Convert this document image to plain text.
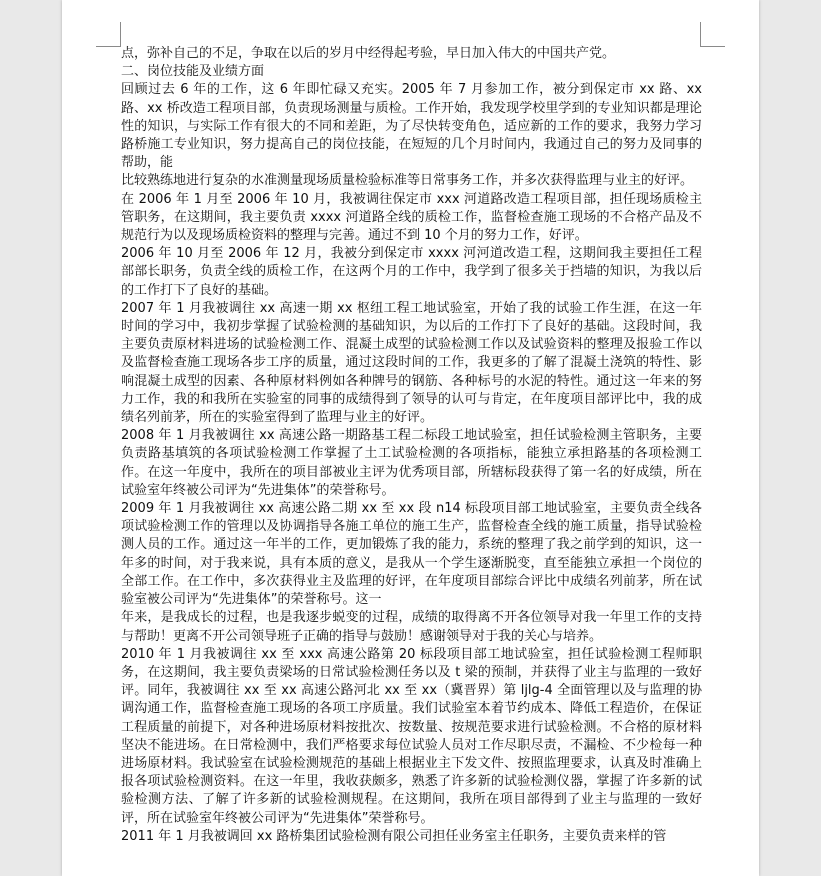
点，弥补自己的不足，争取在以后的岁月中经得起考验，早日加入伟大的中国共产党。

二、岗位技能及业绩方面

回顾过去 6 年的工作，这 6 年即忙碌又充实。2005 年 7 月参加工作，被分到保定市 xx 路、xx 路、xx 桥改造工程项目部，负责现场测量与质检。工作开始，我发现学校里学到的专业知识都是理论性的知识，与实际工作有很大的不同和差距，为了尽快转变角色，适应新的工作的要求，我努力学习路桥施工专业知识，努力提高自己的岗位技能，在短短的几个月时间内，我通过自己的努力及同事的帮助，能

比较熟练地进行复杂的水准测量现场质量检验标准等日常事务工作，并多次获得监理与业主的好评。

在 2006 年 1 月至 2006 年 10 月，我被调往保定市 xxx 河道路改造工程项目部，担任现场质检主管职务，在这期间，我主要负责 xxxx 河道路全线的质检工作，监督检查施工现场的不合格产品及不规范行为以及现场质检资料的整理与完善。通过不到 10 个月的努力工作，好评。

2006 年 10 月至 2006 年 12 月，我被分到保定市 xxxx 河河道改造工程，这期间我主要担任工程部部长职务，负责全线的质检工作，在这两个月的工作中，我学到了很多关于挡墙的知识，为我以后的工作打下了良好的基础。

2007 年 1 月我被调往 xx 高速一期 xx 枢纽工程工地试验室，开始了我的试验工作生涯，在这一年时间的学习中，我初步掌握了试验检测的基础知识，为以后的工作打下了良好的基础。这段时间，我主要负责原材料进场的试验检测工作、混凝土成型的试验检测工作以及试验资料的整理及报验工作以及监督检查施工现场各步工序的质量，通过这段时间的工作，我更多的了解了混凝土浇筑的特性、影响混凝土成型的因素、各种原材料例如各种牌号的钢筋、各种标号的水泥的特性。通过这一年来的努力工作，我的和我所在实验室的同事的成绩得到了领导的认可与肯定，在年度项目部评比中，我的成绩名列前茅，所在的实验室得到了监理与业主的好评。

2008 年 1 月我被调往 xx 高速公路一期路基工程二标段工地试验室，担任试验检测主管职务，主要负责路基填筑的各项试验检测工作掌握了土工试验检测的各项指标，能独立承担路基的各项检测工作。在这一年度中，我所在的项目部被业主评为优秀项目部，所辖标段获得了第一名的好成绩，所在试验室年终被公司评为“先进集体”的荣誉称号。

2009 年 1 月我被调往 xx 高速公路二期 xx 至 xx 段 n14 标段项目部工地试验室，主要负责全线各项试验检测工作的管理以及协调指导各施工单位的施工生产，监督检查全线的施工质量，指导试验检测人员的工作。通过这一年半的工作，更加锻炼了我的能力，系统的整理了我之前学到的知识，这一年多的时间，对于我来说，具有本质的意义，是我从一个学生逐渐脱变，直至能独立承担一个岗位的全部工作。在工作中，多次获得业主及监理的好评，在年度项目部综合评比中成绩名列前茅，所在试验室被公司评为“先进集体”的荣誉称号。这一

年来，是我成长的过程，也是我逐步蜕变的过程，成绩的取得离不开各位领导对我一年里工作的支持与帮助！更离不开公司领导班子正确的指导与鼓励！感谢领导对于我的关心与培养。

2010 年 1 月我被调往 xx 至 xxx 高速公路第 20 标段项目部工地试验室，担任试验检测工程师职务，在这期间，我主要负责梁场的日常试验检测任务以及 t 梁的预制，并获得了业主与监理的一致好评。同年，我被调往 xx 至 xx 高速公路河北 xx 至 xx（冀晋界）第 ljlg-4 全面管理以及与监理的协调沟通工作，监督检查施工现场的各项工序质量。我们试验室本着节约成本、降低工程造价，在保证工程质量的前提下，对各种进场原材料按批次、按数量、按规范要求进行试验检测。不合格的原材料坚决不能进场。在日常检测中，我们严格要求每位试验人员对工作尽职尽责，不漏检、不少检每一种进场原材料。我试验室在试验检测规范的基础上根据业主下发文件、按照监理要求，认真及时准确上报各项试验检测资料。在这一年里，我收获颇多，熟悉了许多新的试验检测仪器，掌握了许多新的试验检测方法、了解了许多新的试验检测规程。在这期间，我所在项目部得到了业主与监理的一致好评，所在试验室年终被公司评为“先进集体”荣誉称号。

2011 年 1 月我被调回 xx 路桥集团试验检测有限公司担任业务室主任职务，主要负责来样的管
